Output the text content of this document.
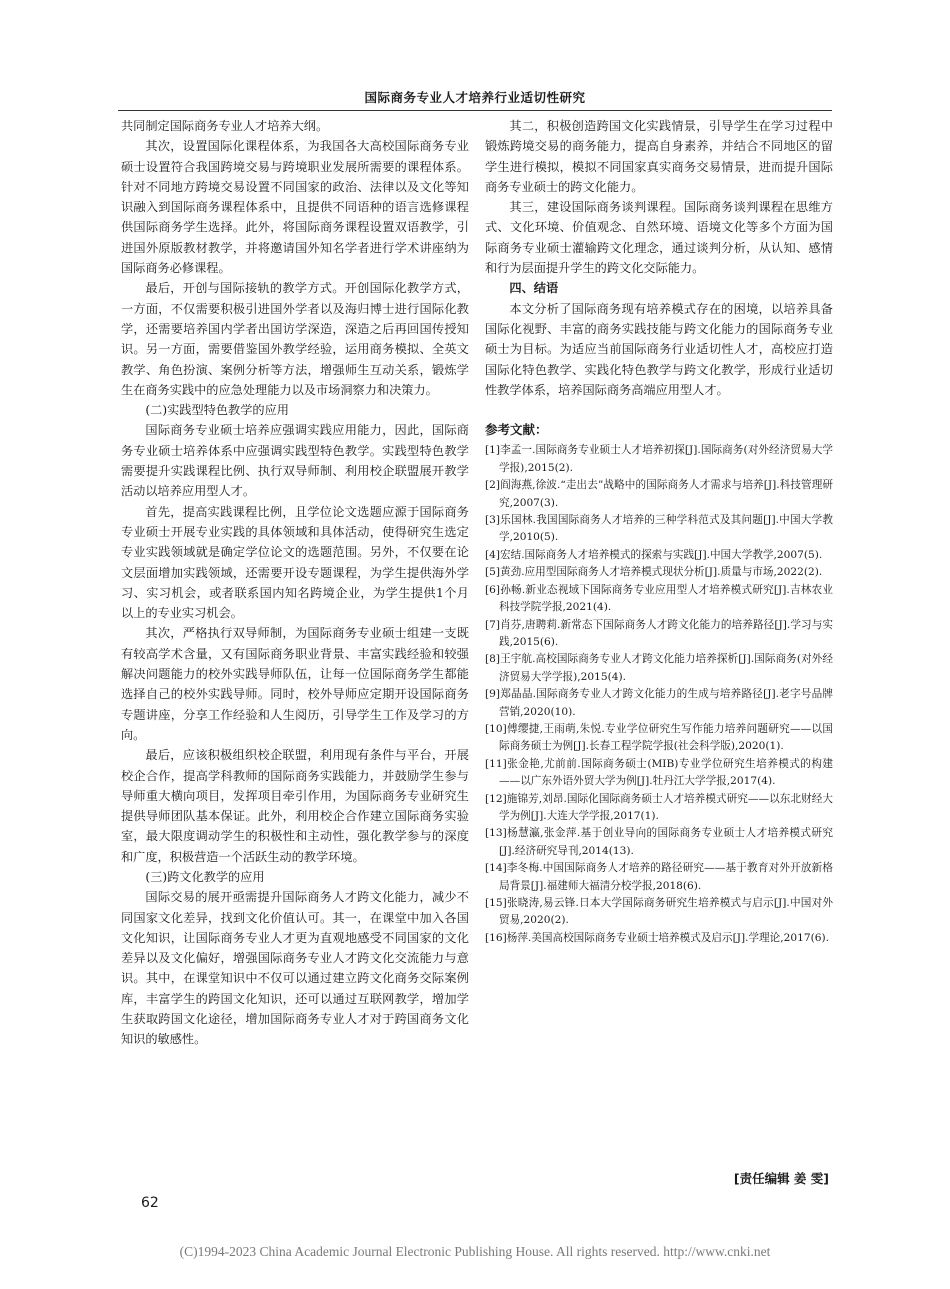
国际商务专业人才培养行业适切性研究

共同制定国际商务专业人才培养大纲。

其次，设置国际化课程体系，为我国各大高校国际商务专业硕士设置符合我国跨境交易与跨境职业发展所需要的课程体系。针对不同地方跨境交易设置不同国家的政治、法律以及文化等知识融入到国际商务课程体系中，且提供不同语种的语言选修课程供国际商务学生选择。此外，将国际商务课程设置双语教学，引进国外原版教材教学，并将邀请国外知名学者进行学术讲座纳为国际商务必修课程。

最后，开创与国际接轨的教学方式。开创国际化教学方式，一方面，不仅需要积极引进国外学者以及海归博士进行国际化教学，还需要培养国内学者出国访学深造，深造之后再回国传授知识。另一方面，需要借鉴国外教学经验，运用商务模拟、全英文教学、角色扮演、案例分析等方法，增强师生互动关系，锻炼学生在商务实践中的应急处理能力以及市场洞察力和决策力。

(二)实践型特色教学的应用

国际商务专业硕士培养应强调实践应用能力，因此，国际商务专业硕士培养体系中应强调实践型特色教学。实践型特色教学需要提升实践课程比例、执行双导师制、利用校企联盟展开教学活动以培养应用型人才。

首先，提高实践课程比例，且学位论文选题应源于国际商务专业硕士开展专业实践的具体领域和具体活动，使得研究生选定专业实践领域就是确定学位论文的选题范围。另外，不仅要在论文层面增加实践领域，还需要开设专题课程，为学生提供海外学习、实习机会，或者联系国内知名跨境企业，为学生提供1个月以上的专业实习机会。

其次，严格执行双导师制，为国际商务专业硕士组建一支既有较高学术含量，又有国际商务职业背景、丰富实践经验和较强解决问题能力的校外实践导师队伍，让每一位国际商务学生都能选择自己的校外实践导师。同时，校外导师应定期开设国际商务专题讲座，分享工作经验和人生阅历，引导学生工作及学习的方向。

最后，应该积极组织校企联盟，利用现有条件与平台，开展校企合作，提高学科教师的国际商务实践能力，并鼓励学生参与导师重大横向项目，发挥项目牵引作用，为国际商务专业研究生提供导师团队基本保证。此外，利用校企合作建立国际商务实验室，最大限度调动学生的积极性和主动性，强化教学参与的深度和广度，积极营造一个活跃生动的教学环境。

(三)跨文化教学的应用

国际交易的展开亟需提升国际商务人才跨文化能力，减少不同国家文化差异，找到文化价值认可。其一，在课堂中加入各国文化知识，让国际商务专业人才更为直观地感受不同国家的文化差异以及文化偏好，增强国际商务专业人才跨文化交流能力与意识。其中，在课堂知识中不仅可以通过建立跨文化商务交际案例库，丰富学生的跨国文化知识，还可以通过互联网教学，增加学生获取跨国文化途径，增加国际商务专业人才对于跨国商务文化知识的敏感性。

其二，积极创造跨国文化实践情景，引导学生在学习过程中锻炼跨境交易的商务能力，提高自身素养，并结合不同地区的留学生进行模拟，模拟不同国家真实商务交易情景，进而提升国际商务专业硕士的跨文化能力。

其三，建设国际商务谈判课程。国际商务谈判课程在思维方式、文化环境、价值观念、自然环境、语境文化等多个方面为国际商务专业硕士灌输跨文化理念，通过谈判分析，从认知、感情和行为层面提升学生的跨文化交际能力。

四、结语

本文分析了国际商务现有培养模式存在的困境，以培养具备国际化视野、丰富的商务实践技能与跨文化能力的国际商务专业硕士为目标。为适应当前国际商务行业适切性人才，高校应打造国际化特色教学、实践化特色教学与跨文化教学，形成行业适切性教学体系，培养国际商务高端应用型人才。

参考文献：
[1]李孟一.国际商务专业硕士人才培养初探[J].国际商务(对外经济贸易大学学报),2015(2).
[2]阎海燕,徐波.“走出去”战略中的国际商务人才需求与培养[J].科技管理研究,2007(3).
[3]乐国林.我国国际商务人才培养的三种学科范式及其问题[J].中国大学教学,2010(5).
[4]宏结.国际商务人才培养模式的探索与实践[J].中国大学教学,2007(5).
[5]黄劲.应用型国际商务人才培养模式现状分析[J].质量与市场,2022(2).
[6]孙畅.新业态视域下国际商务专业应用型人才培养模式研究[J].吉林农业科技学院学报,2021(4).
[7]肖芬,唐聘莉.新常态下国际商务人才跨文化能力的培养路径[J].学习与实践,2015(6).
[8]王宇航.高校国际商务专业人才跨文化能力培养探析[J].国际商务(对外经济贸易大学学报),2015(4).
[9]郑晶晶.国际商务专业人才跨文化能力的生成与培养路径[J].老字号品牌营销,2020(10).
[10]傅缨捷,王雨萌,朱悦.专业学位研究生写作能力培养问题研究——以国际商务硕士为例[J].长春工程学院学报(社会科学版),2020(1).
[11]张金艳,尤前前.国际商务硕士(MIB)专业学位研究生培养模式的构建——以广东外语外贸大学为例[J].牡丹江大学学报,2017(4).
[12]施锦芳,刘昂.国际化国际商务硕士人才培养模式研究——以东北财经大学为例[J].大连大学学报,2017(1).
[13]杨慧瀛,张金萍.基于创业导向的国际商务专业硕士人才培养模式研究[J].经济研究导刊,2014(13).
[14]李冬梅.中国国际商务人才培养的路径研究——基于教育对外开放新格局背景[J].福建师大福清分校学报,2018(6).
[15]张晓涛,易云锋.日本大学国际商务研究生培养模式与启示[J].中国对外贸易,2020(2).
[16]杨萍.美国高校国际商务专业硕士培养模式及启示[J].学理论,2017(6).
[责任编辑 姜 雯]
62
(C)1994-2023 China Academic Journal Electronic Publishing House. All rights reserved. http://www.cnki.net
